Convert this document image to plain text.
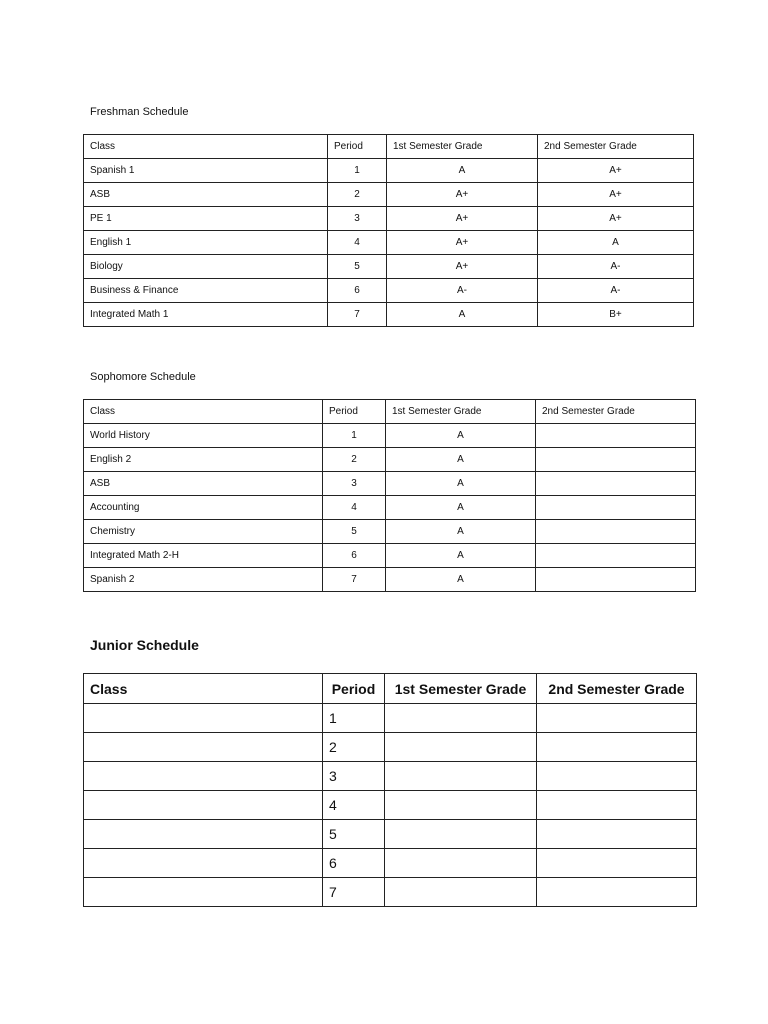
Freshman Schedule
Class	Period	1st Semester Grade	2nd Semester Grade
Spanish 1	1	A	A+
ASB	2	A+	A+
PE 1	3	A+	A+
English 1	4	A+	A
Biology	5	A+	A-
Business & Finance	6	A-	A-
Integrated Math 1	7	A	B+
Sophomore Schedule
Class	Period	1st Semester Grade	2nd Semester Grade
World History	1	A	
English 2	2	A	
ASB	3	A	
Accounting	4	A	
Chemistry	5	A	
Integrated Math 2-H	6	A	
Spanish 2	7	A	
Junior Schedule
Class	Period	1st Semester Grade	2nd Semester Grade
	1		
	2		
	3		
	4		
	5		
	6		
	7		
